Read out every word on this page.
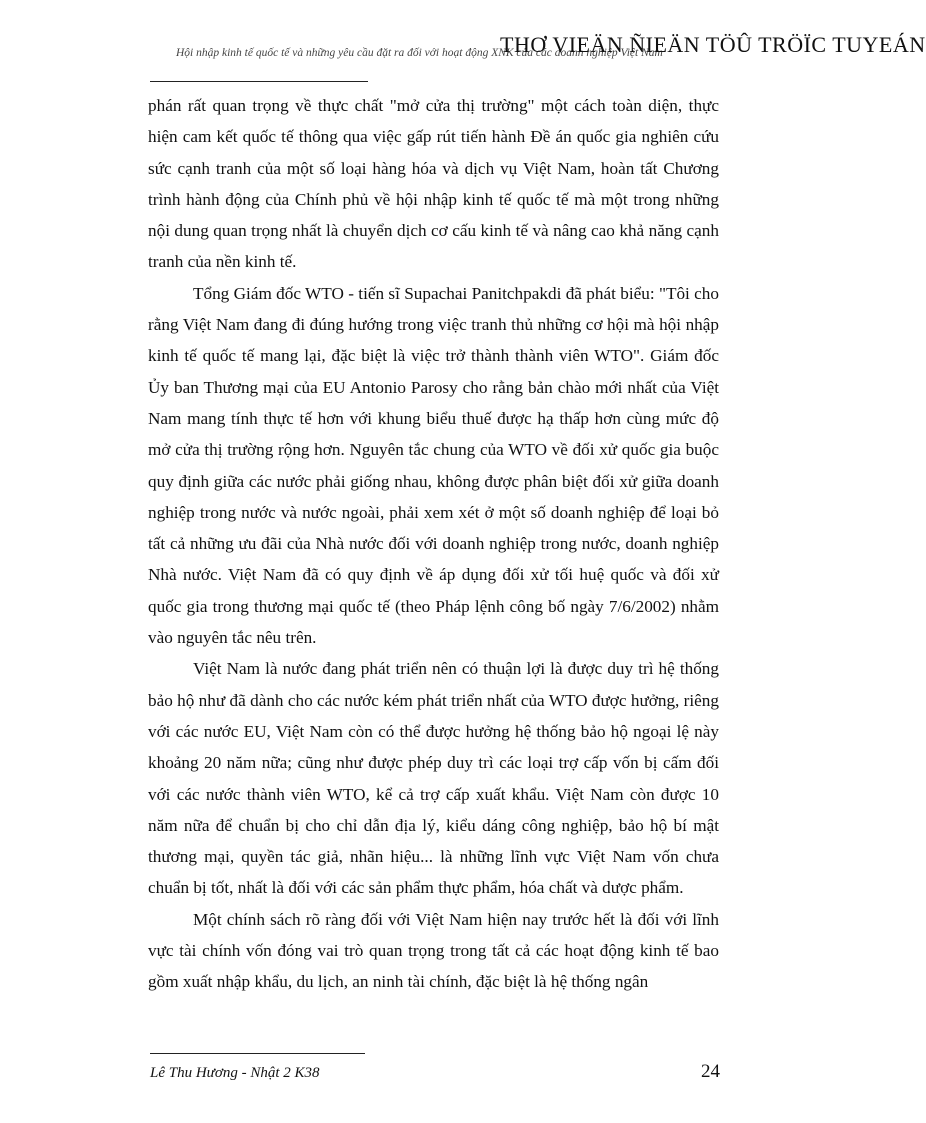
Hội nhập kinh tế quốc tế và những yêu cầu đặt ra đối với hoạt động XNK của các doanh nghiệp Việt Nam
THƠ VIEÄN ÑIEÄN TÖÛ TRÖÏC TUYEÁN

phán rất quan trọng về thực chất "mở cửa thị trường" một cách toàn diện, thực hiện cam kết quốc tế thông qua việc gấp rút tiến hành Đề án quốc gia nghiên cứu sức cạnh tranh của một số loại hàng hóa và dịch vụ Việt Nam, hoàn tất Chương trình hành động của Chính phủ về hội nhập kinh tế quốc tế mà một trong những nội dung quan trọng nhất là chuyển dịch cơ cấu kinh tế và nâng cao khả năng cạnh tranh của nền kinh tế.

Tổng Giám đốc WTO - tiến sĩ Supachai Panitchpakdi đã phát biểu: "Tôi cho rằng Việt Nam đang đi đúng hướng trong việc tranh thủ những cơ hội mà hội nhập kinh tế quốc tế mang lại, đặc biệt là việc trở thành thành viên WTO". Giám đốc Ủy ban Thương mại của EU Antonio Parosy cho rằng bản chào mới nhất của Việt Nam mang tính thực tế hơn với khung biểu thuế được hạ thấp hơn cùng mức độ mở cửa thị trường rộng hơn. Nguyên tắc chung của WTO về đối xử quốc gia buộc quy định giữa các nước phải giống nhau, không được phân biệt đối xử giữa doanh nghiệp trong nước và nước ngoài, phải xem xét ở một số doanh nghiệp để loại bỏ tất cả những ưu đãi của Nhà nước đối với doanh nghiệp trong nước, doanh nghiệp Nhà nước. Việt Nam đã có quy định về áp dụng đối xử tối huệ quốc và đối xử quốc gia trong thương mại quốc tế (theo Pháp lệnh công bố ngày 7/6/2002) nhằm vào nguyên tắc nêu trên.

Việt Nam là nước đang phát triển nên có thuận lợi là được duy trì hệ thống bảo hộ như đã dành cho các nước kém phát triển nhất của WTO được hưởng, riêng với các nước EU, Việt Nam còn có thể được hưởng hệ thống bảo hộ ngoại lệ này khoảng 20 năm nữa; cũng như được phép duy trì các loại trợ cấp vốn bị cấm đối với các nước thành viên WTO, kể cả trợ cấp xuất khẩu. Việt Nam còn được 10 năm nữa để chuẩn bị cho chỉ dẫn địa lý, kiểu dáng công nghiệp, bảo hộ bí mật thương mại, quyền tác giả, nhãn hiệu... là những lĩnh vực Việt Nam vốn chưa chuẩn bị tốt, nhất là đối với các sản phẩm thực phẩm, hóa chất và dược phẩm.

Một chính sách rõ ràng đối với Việt Nam hiện nay trước hết là đối với lĩnh vực tài chính vốn đóng vai trò quan trọng trong tất cả các hoạt động kinh tế bao gồm xuất nhập khẩu, du lịch, an ninh tài chính, đặc biệt là hệ thống ngân

Lê Thu Hương - Nhật 2 K38	24
